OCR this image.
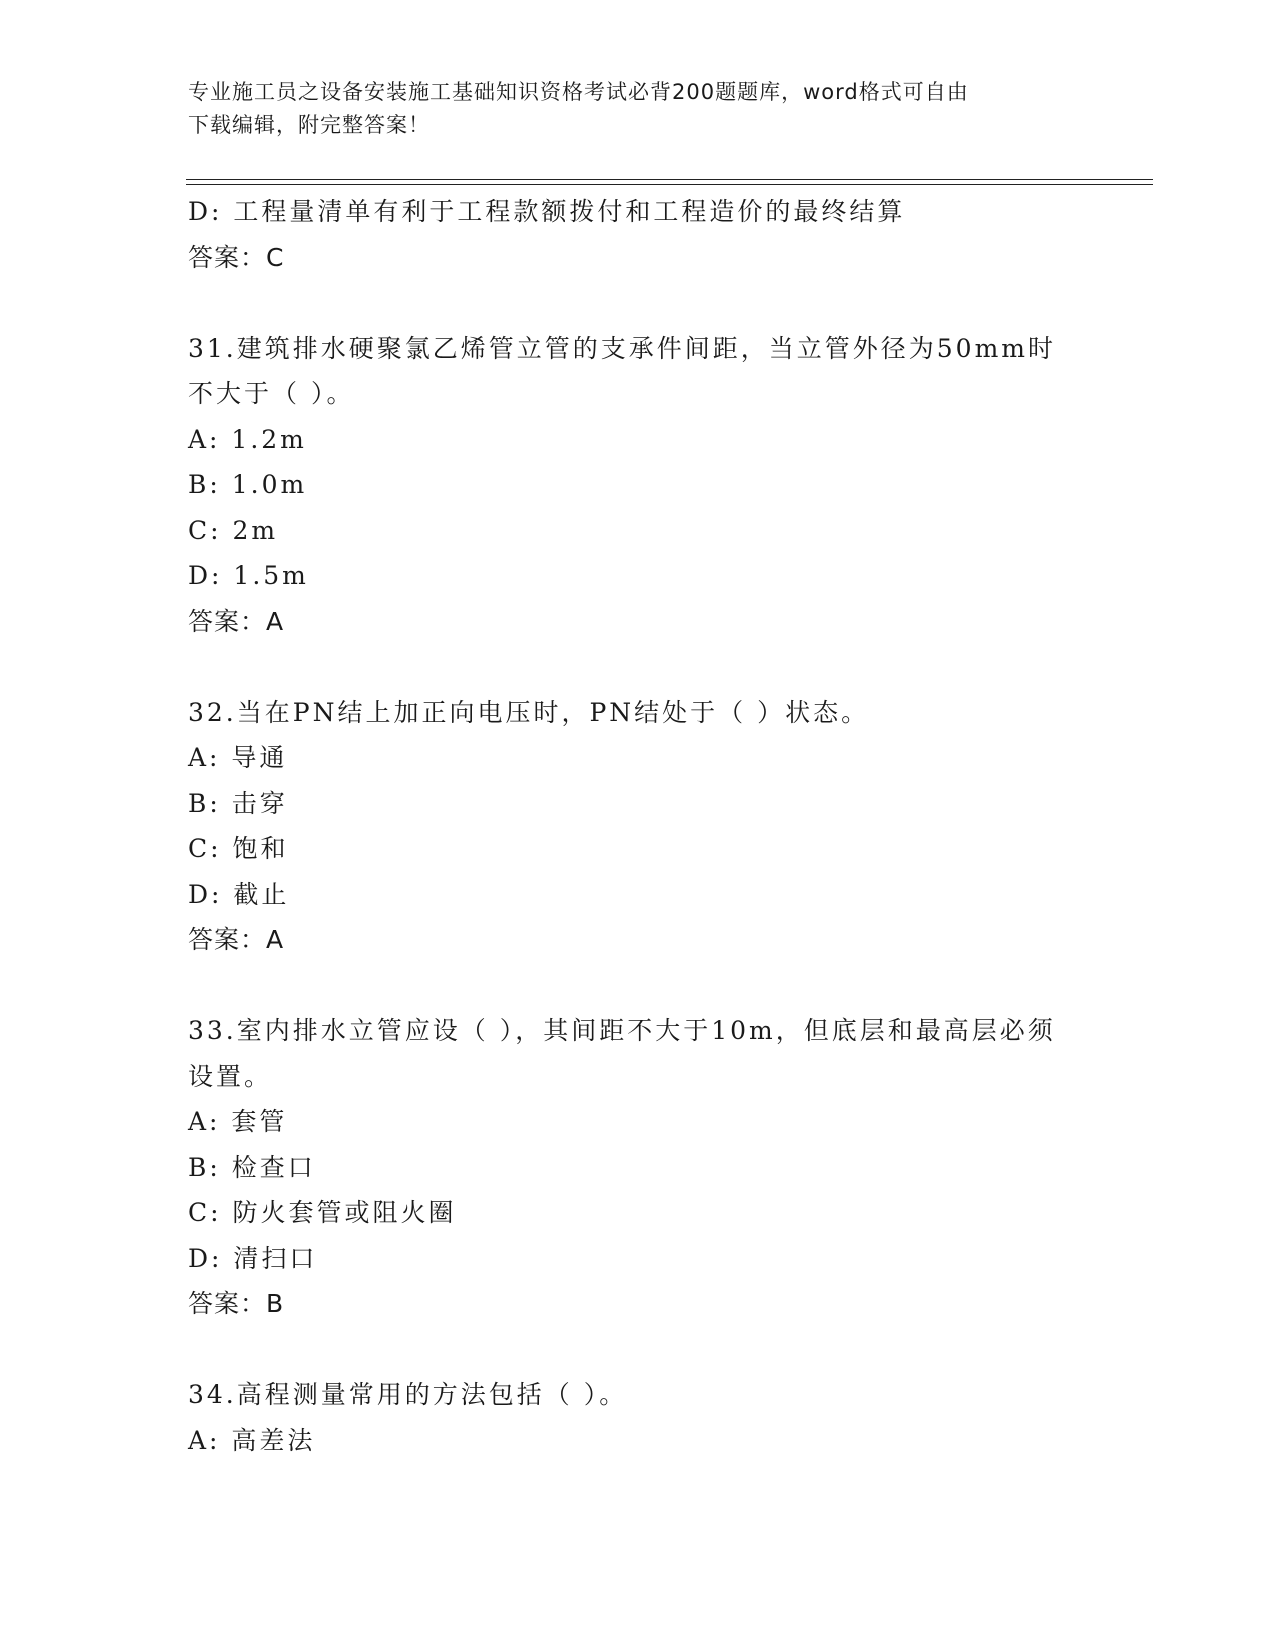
专业施工员之设备安装施工基础知识资格考试必背200题题库，word格式可自由
下载编辑，附完整答案！
D: 工程量清单有利于工程款额拨付和工程造价的最终结算
答案：C
31.建筑排水硬聚氯乙烯管立管的支承件间距，当立管外径为50mm时
不大于（ ）。
A: 1.2m
B: 1.0m
C: 2m
D: 1.5m
答案：A
32.当在PN结上加正向电压时，PN结处于（ ）状态。
A: 导通
B: 击穿
C: 饱和
D: 截止
答案：A
33.室内排水立管应设（ ），其间距不大于10m，但底层和最高层必须
设置。
A: 套管
B: 检查口
C: 防火套管或阻火圈
D: 清扫口
答案：B
34.高程测量常用的方法包括（ ）。
A: 高差法
